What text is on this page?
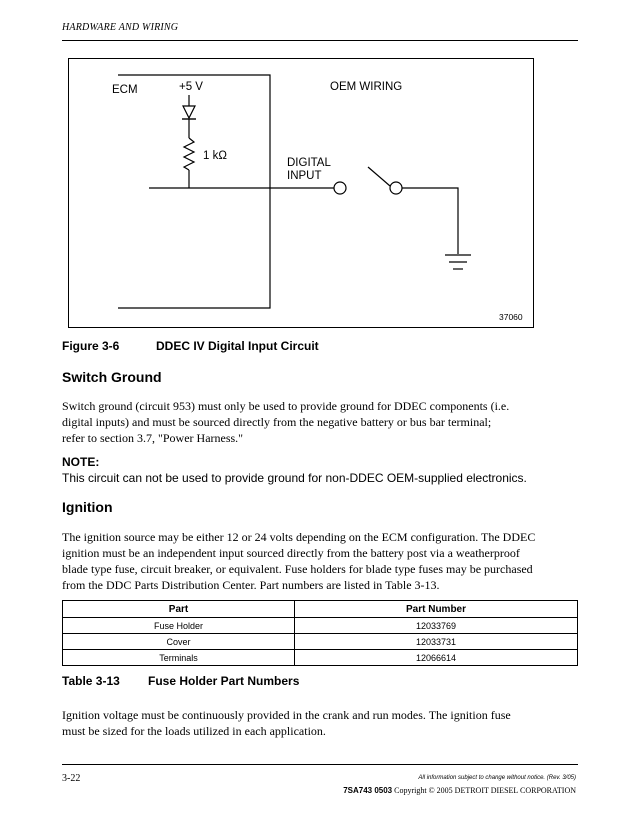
HARDWARE AND WIRING
ECM	+5 V	OEM WIRING
1 kΩ
DIGITAL
INPUT
37060
Figure 3-6	DDEC IV Digital Input Circuit
Switch Ground
Switch ground (circuit 953) must only be used to provide ground for DDEC components (i.e.
digital inputs) and must be sourced directly from the negative battery or bus bar terminal;
refer to section 3.7, "Power Harness."
NOTE:
This circuit can not be used to provide ground for non-DDEC OEM-supplied electronics.
Ignition
The ignition source may be either 12 or 24 volts depending on the ECM configuration. The DDEC
ignition must be an independent input sourced directly from the battery post via a weatherproof
blade type fuse, circuit breaker, or equivalent. Fuse holders for blade type fuses may be purchased
from the DDC Parts Distribution Center. Part numbers are listed in Table 3-13.
Part	Part Number
Fuse Holder	12033769
Cover	12033731
Terminals	12066614
Table 3-13 Fuse Holder Part Numbers
Ignition voltage must be continuously provided in the crank and run modes. The ignition fuse
must be sized for the loads utilized in each application.
3-22	All information subject to change without notice. (Rev. 3/05)
7SA743 0503 Copyright © 2005 DETROIT DIESEL CORPORATION
